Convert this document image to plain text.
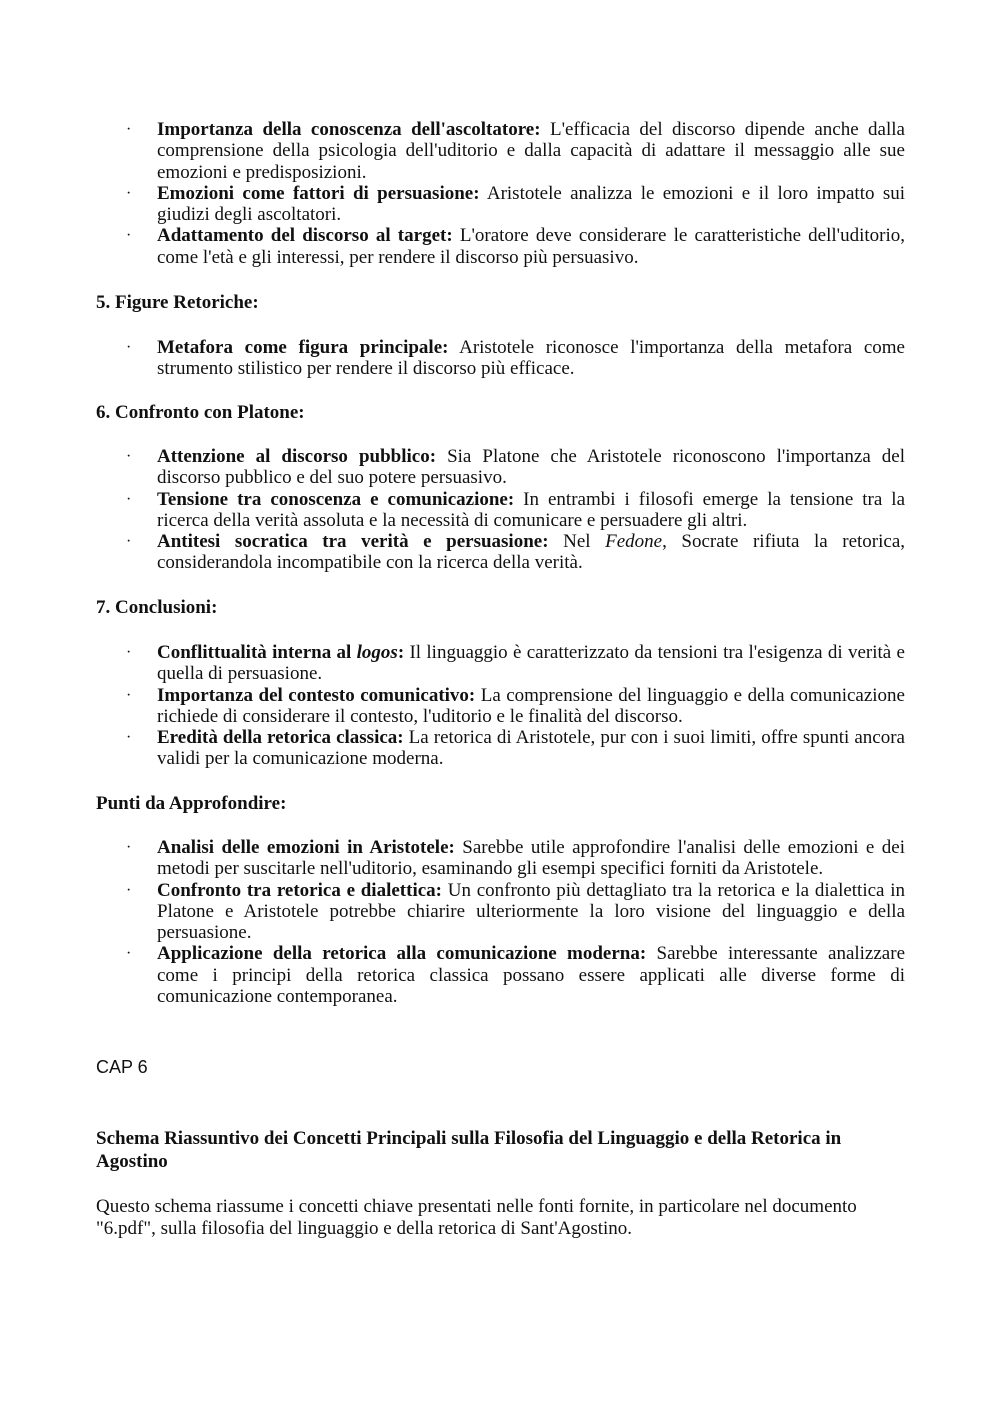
· Importanza della conoscenza dell'ascoltatore: L'efficacia del discorso dipende anche dalla comprensione della psicologia dell'uditorio e dalla capacità di adattare il messaggio alle sue emozioni e predisposizioni.
· Emozioni come fattori di persuasione: Aristotele analizza le emozioni e il loro impatto sui giudizi degli ascoltatori.
· Adattamento del discorso al target: L'oratore deve considerare le caratteristiche dell'uditorio, come l'età e gli interessi, per rendere il discorso più persuasivo.
5. Figure Retoriche:
· Metafora come figura principale: Aristotele riconosce l'importanza della metafora come strumento stilistico per rendere il discorso più efficace.
6. Confronto con Platone:
· Attenzione al discorso pubblico: Sia Platone che Aristotele riconoscono l'importanza del discorso pubblico e del suo potere persuasivo.
· Tensione tra conoscenza e comunicazione: In entrambi i filosofi emerge la tensione tra la ricerca della verità assoluta e la necessità di comunicare e persuadere gli altri.
· Antitesi socratica tra verità e persuasione: Nel Fedone, Socrate rifiuta la retorica, considerandola incompatibile con la ricerca della verità.
7. Conclusioni:
· Conflittualità interna al logos: Il linguaggio è caratterizzato da tensioni tra l'esigenza di verità e quella di persuasione.
· Importanza del contesto comunicativo: La comprensione del linguaggio e della comunicazione richiede di considerare il contesto, l'uditorio e le finalità del discorso.
· Eredità della retorica classica: La retorica di Aristotele, pur con i suoi limiti, offre spunti ancora validi per la comunicazione moderna.
Punti da Approfondire:
· Analisi delle emozioni in Aristotele: Sarebbe utile approfondire l'analisi delle emozioni e dei metodi per suscitarle nell'uditorio, esaminando gli esempi specifici forniti da Aristotele.
· Confronto tra retorica e dialettica: Un confronto più dettagliato tra la retorica e la dialettica in Platone e Aristotele potrebbe chiarire ulteriormente la loro visione del linguaggio e della persuasione.
· Applicazione della retorica alla comunicazione moderna: Sarebbe interessante analizzare come i principi della retorica classica possano essere applicati alle diverse forme di comunicazione contemporanea.
CAP 6
Schema Riassuntivo dei Concetti Principali sulla Filosofia del Linguaggio e della Retorica in Agostino
Questo schema riassume i concetti chiave presentati nelle fonti fornite, in particolare nel documento "6.pdf", sulla filosofia del linguaggio e della retorica di Sant'Agostino.
